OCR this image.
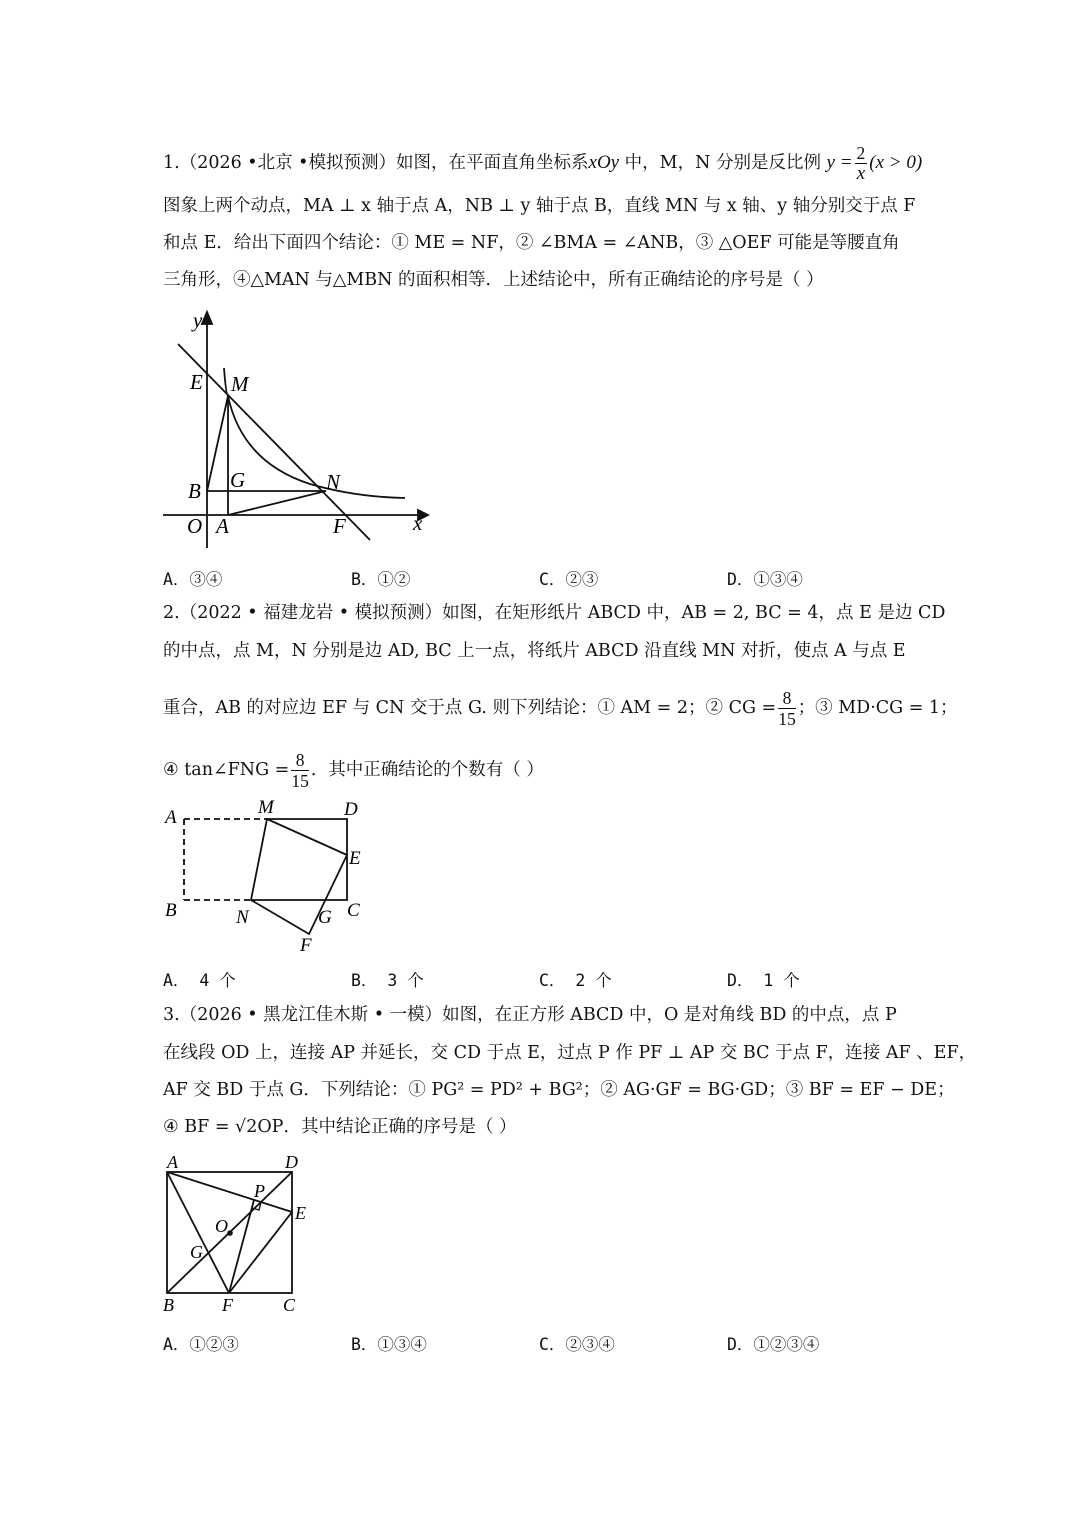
1.（2026 •北京 •模拟预测）如图，在平面直角坐标系xOy 中，M，N 分别是反比例 $y = \frac{2}{x} (x > 0)$
图象上两个动点，MA ⊥ x 轴于点 A，NB ⊥ y 轴于点 B，直线 MN 与 x 轴、y 轴分别交于点 F
和点 E．给出下面四个结论：① ME = NF，② ∠BMA = ∠ANB，③ △OEF 可能是等腰直角
三角形，④△MAN 与△MBN 的面积相等．上述结论中，所有正确结论的序号是（ ）
y
x
E M
B G	N
O A	F
A．③④	B．①②	C．②③	D．①③④
2.（2022 • 福建龙岩 • 模拟预测）如图，在矩形纸片 ABCD 中，AB = 2, BC = 4，点 E 是边 CD
的中点，点 M，N 分别是边 AD, BC 上一点，将纸片 ABCD 沿直线 MN 对折，使点 A 与点 E
重合，AB 的对应边 EF 与 CN 交于点 G. 则下列结论：① AM = 2；② CG = $\frac{8}{15}$ ；③ MD·CG = 1；
④ tan∠FNG = $\frac{8}{15}$ ．其中正确结论的个数有（ ）
A	M	D
E
B	N	G C
F
A． 4 个	B． 3 个	C． 2 个	D． 1 个
3.（2026 • 黑龙江佳木斯 • 一模）如图，在正方形 ABCD 中，O 是对角线 BD 的中点，点 P
在线段 OD 上，连接 AP 并延长，交 CD 于点 E，过点 P 作 PF ⊥ AP 交 BC 于点 F，连接 AF 、EF，
AF 交 BD 于点 G．下列结论：① PG² = PD² + BG²；② AG·GF = BG·GD；③ BF = EF − DE；
④ BF = √2OP．其中结论正确的序号是（ ）
A	D
P
E
O
G
B	F	C
A．①②③	B．①③④	C．②③④	D．①②③④
